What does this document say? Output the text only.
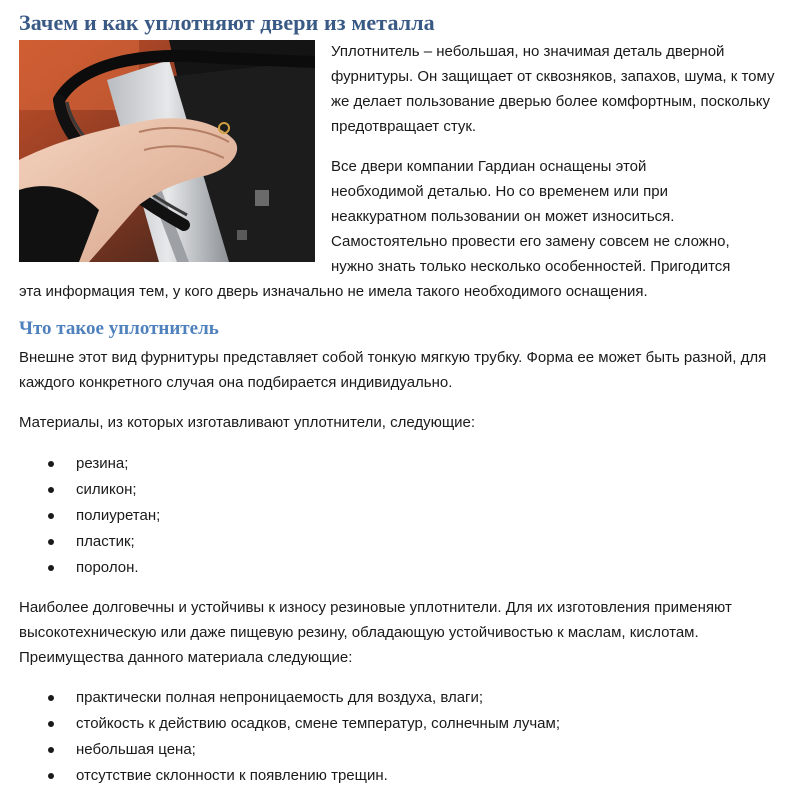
Зачем и как уплотняют двери из металла

Уплотнитель – небольшая, но значимая деталь дверной фурнитуры. Он защищает от сквозняков, запахов, шума, к тому же делает пользование дверью более комфортным, поскольку предотвращает стук.

Все двери компании Гардиан оснащены этой
необходимой деталью. Но со временем или при
неаккуратном пользовании он может износиться.
Самостоятельно провести его замену совсем не сложно,
нужно знать только несколько особенностей. Пригодится
эта информация тем, у кого дверь изначально не имела такого необходимого оснащения.

Что такое уплотнитель

Внешне этот вид фурнитуры представляет собой тонкую мягкую трубку. Форма ее может быть разной, для каждого конкретного случая она подбирается индивидуально.

Материалы, из которых изготавливают уплотнители, следующие:

резина;
силикон;
полиуретан;
пластик;
поролон.

Наиболее долговечны и устойчивы к износу резиновые уплотнители. Для их изготовления применяют высокотехническую или даже пищевую резину, обладающую устойчивостью к маслам, кислотам. Преимущества данного материала следующие:

практически полная непроницаемость для воздуха, влаги;
стойкость к действию осадков, смене температур, солнечным лучам;
небольшая цена;
отсутствие склонности к появлению трещин.
